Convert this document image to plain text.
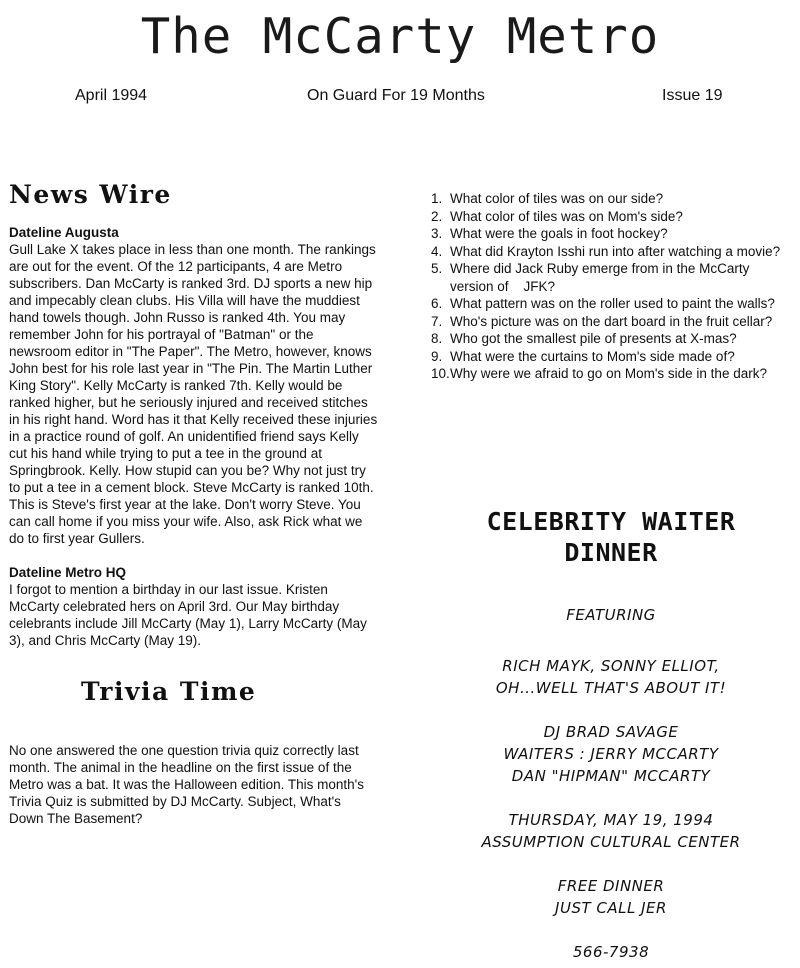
The McCarty Metro
April 1994	On Guard For 19 Months	Issue 19
News Wire
Dateline Augusta

Gull Lake X takes place in less than one month. The rankings are out for the event. Of the 12 participants, 4 are Metro subscribers. Dan McCarty is ranked 3rd. DJ sports a new hip and impecably clean clubs. His Villa will have the muddiest hand towels though. John Russo is ranked 4th. You may remember John for his portrayal of "Batman" or the newsroom editor in "The Paper". The Metro, however, knows John best for his role last year in "The Pin. The Martin Luther King Story". Kelly McCarty is ranked 7th. Kelly would be ranked higher, but he seriously injured and received stitches in his right hand. Word has it that Kelly received these injuries in a practice round of golf. An unidentified friend says Kelly cut his hand while trying to put a tee in the ground at Springbrook. Kelly. How stupid can you be? Why not just try to put a tee in a cement block. Steve McCarty is ranked 10th. This is Steve's first year at the lake. Don't worry Steve. You can call home if you miss your wife. Also, ask Rick what we do to first year Gullers.

Dateline Metro HQ

I forgot to mention a birthday in our last issue. Kristen McCarty celebrated hers on April 3rd. Our May birthday celebrants include Jill McCarty (May 1), Larry McCarty (May 3), and Chris McCarty (May 19).

Trivia Time

No one answered the one question trivia quiz correctly last month. The animal in the headline on the first issue of the Metro was a bat. It was the Halloween edition. This month's Trivia Quiz is submitted by DJ McCarty. Subject, What's Down The Basement?

1. What color of tiles was on our side?
2. What color of tiles was on Mom's side?
3. What were the goals in foot hockey?
4. What did Krayton Isshi run into after watching a movie?
5. Where did Jack Ruby emerge from in the McCarty version of    JFK?
6. What pattern was on the roller used to paint the walls?
7. Who's picture was on the dart board in the fruit cellar?
8. Who got the smallest pile of presents at X-mas?
9. What were the curtains to Mom's side made of?
10. Why were we afraid to go on Mom's side in the dark?
CELEBRITY WAITER
DINNER
FEATURING
RICH MAYK, SONNY ELLIOT,
OH...WELL THAT'S ABOUT IT!
DJ BRAD SAVAGE
WAITERS : JERRY MCCARTY
DAN "HIPMAN" MCCARTY
THURSDAY, MAY 19, 1994
ASSUMPTION CULTURAL CENTER
FREE DINNER
JUST CALL JER
566-7938
